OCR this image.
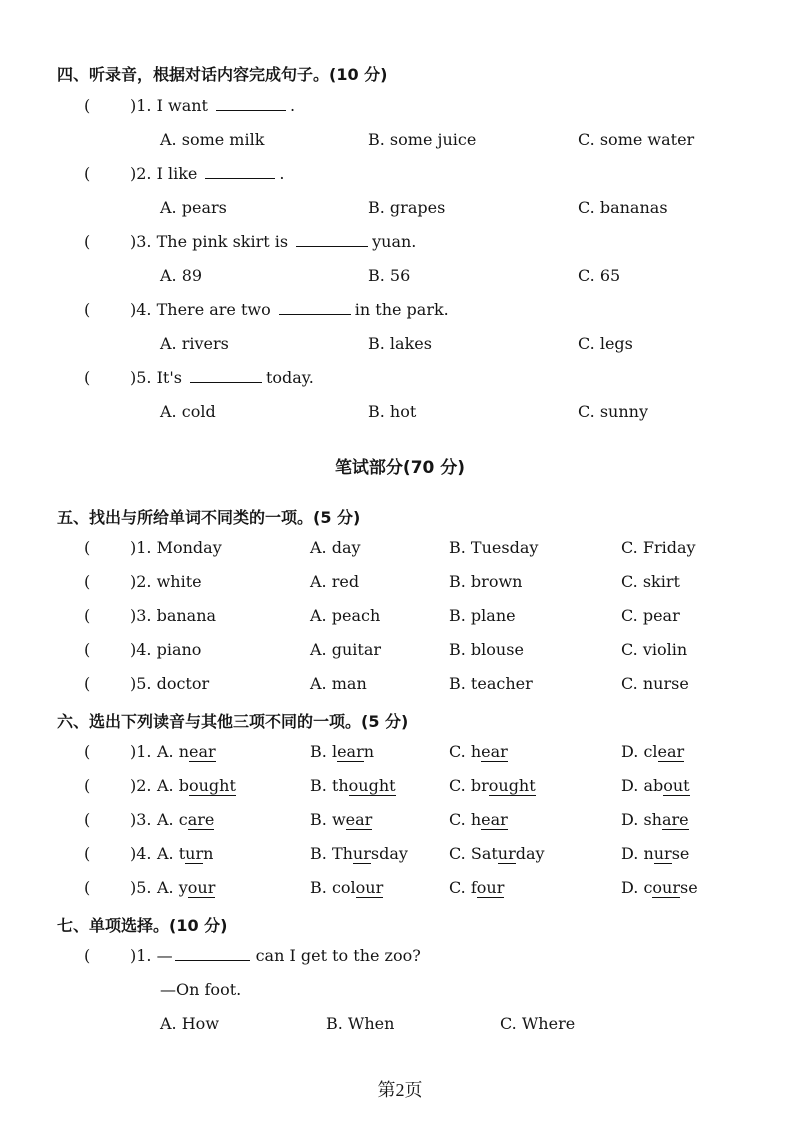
四、听录音，根据对话内容完成句子。(10 分)
( )1. I want	.
A. some milk	B. some juice	C. some water
( )2. I like	.
A. pears	B. grapes	C. bananas
( )3. The pink skirt is	yuan.
A. 89	B. 56	C. 65
( )4. There are two	in the park.
A. rivers	B. lakes	C. legs
( )5. It's	today.
A. cold	B. hot	C. sunny
笔试部分(70 分)
五、找出与所给单词不同类的一项。(5 分)
( )1. Monday	A. day	B. Tuesday	C. Friday
( )2. white	A. red	B. brown	C. skirt
( )3. banana	A. peach	B. plane	C. pear
( )4. piano	A. guitar	B. blouse	C. violin
( )5. doctor	A. man	B. teacher	C. nurse
六、选出下列读音与其他三项不同的一项。(5 分)
( )1. A. near	B. learn	C. hear	D. clear
( )2. A. bought	B. thought	C. brought	D. about
( )3. A. care	B. wear	C. hear	D. share
( )4. A. turn	B. Thursday	C. Saturday	D. nurse
( )5. A. your	B. colour	C. four	D. course
七、单项选择。(10 分)
( )1. —	can I get to the zoo?
—On foot.
A. How	B. When	C. Where
第2页
